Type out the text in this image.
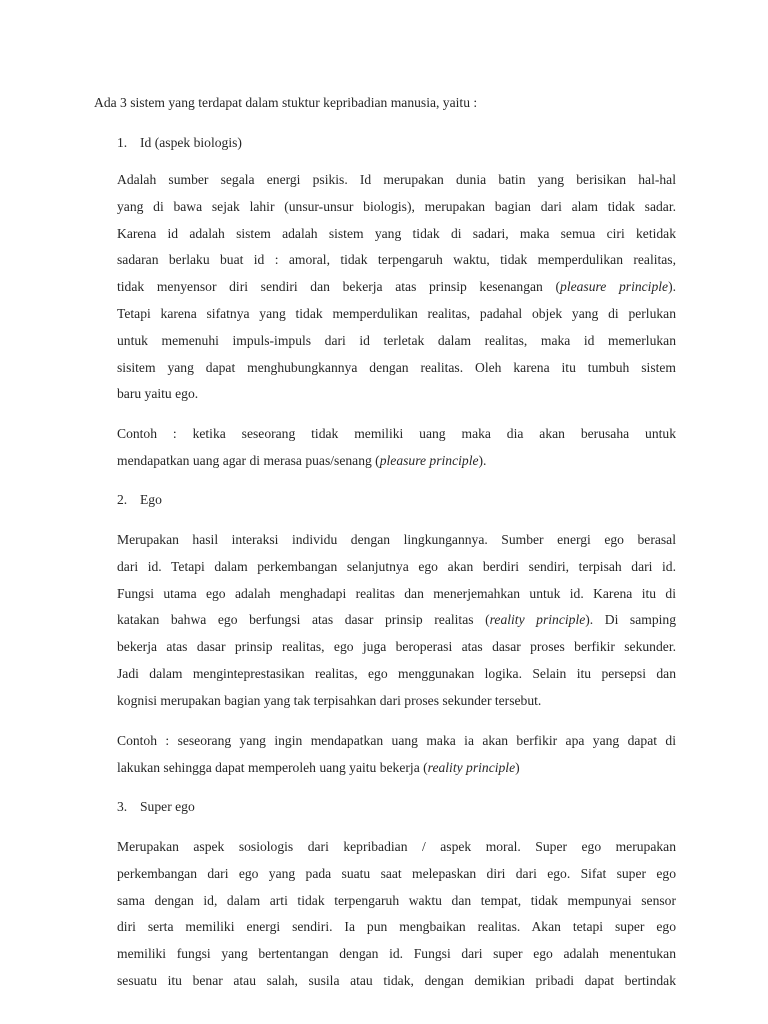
Ada 3 sistem yang terdapat dalam stuktur kepribadian manusia, yaitu :
1. Id (aspek biologis)
Adalah sumber segala energi psikis. Id merupakan dunia batin yang berisikan hal-hal
yang di bawa sejak lahir (unsur-unsur biologis), merupakan bagian dari alam tidak sadar.
Karena id adalah sistem adalah sistem yang tidak di sadari, maka semua ciri ketidak
sadaran berlaku buat id : amoral, tidak terpengaruh waktu, tidak memperdulikan realitas,
tidak menyensor diri sendiri dan bekerja atas prinsip kesenangan (pleasure principle).
Tetapi karena sifatnya yang tidak memperdulikan realitas, padahal objek yang di perlukan
untuk memenuhi impuls-impuls dari id terletak dalam realitas, maka id memerlukan
sisitem yang dapat menghubungkannya dengan realitas. Oleh karena itu tumbuh sistem
baru yaitu ego.
Contoh : ketika seseorang tidak memiliki uang maka dia akan berusaha untuk
mendapatkan uang agar di merasa puas/senang (pleasure principle).
2. Ego
Merupakan hasil interaksi individu dengan lingkungannya. Sumber energi ego berasal
dari id. Tetapi dalam perkembangan selanjutnya ego akan berdiri sendiri, terpisah dari id.
Fungsi utama ego adalah menghadapi realitas dan menerjemahkan untuk id. Karena itu di
katakan bahwa ego berfungsi atas dasar prinsip realitas (reality principle). Di samping
bekerja atas dasar prinsip realitas, ego juga beroperasi atas dasar proses berfikir sekunder.
Jadi dalam menginteprestasikan realitas, ego menggunakan logika. Selain itu persepsi dan
kognisi merupakan bagian yang tak terpisahkan dari proses sekunder tersebut.
Contoh : seseorang yang ingin mendapatkan uang maka ia akan berfikir apa yang dapat di
lakukan sehingga dapat memperoleh uang yaitu bekerja (reality principle)
3. Super ego
Merupakan aspek sosiologis dari kepribadian / aspek moral. Super ego merupakan
perkembangan dari ego yang pada suatu saat melepaskan diri dari ego. Sifat super ego
sama dengan id, dalam arti tidak terpengaruh waktu dan tempat, tidak mempunyai sensor
diri serta memiliki energi sendiri. Ia pun mengbaikan realitas. Akan tetapi super ego
memiliki fungsi yang bertentangan dengan id. Fungsi dari super ego adalah menentukan
sesuatu itu benar atau salah, susila atau tidak, dengan demikian pribadi dapat bertindak
